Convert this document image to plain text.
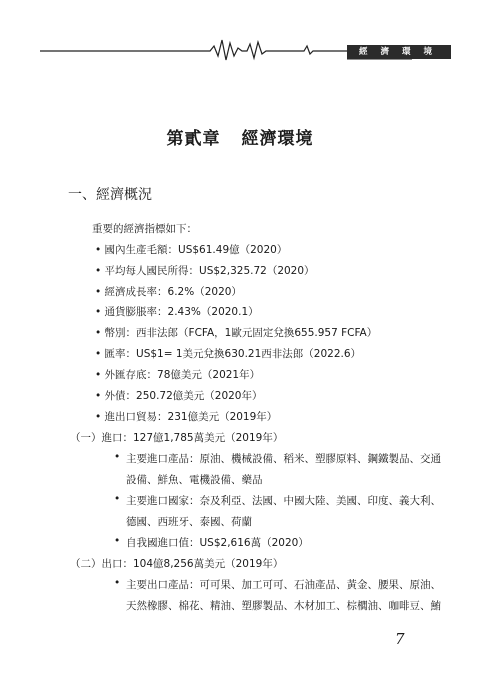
經濟環境
第貳章 經濟環境
一、經濟概況
重要的經濟指標如下：
• 國內生產毛額：US$61.49億（2020）
• 平均每人國民所得：US$2,325.72（2020）
• 經濟成長率：6.2%（2020）
• 通貨膨脹率：2.43%（2020.1）
• 幣別：西非法郎（FCFA，1歐元固定兌換655.957 FCFA）
• 匯率：US$1= 1美元兌換630.21西非法郎（2022.6）
• 外匯存底：78億美元（2021年）
• 外債：250.72億美元（2020年）
• 進出口貿易：231億美元（2019年）
（一）進口：127億1,785萬美元（2019年）
• 主要進口產品：原油、機械設備、稻米、塑膠原料、鋼鐵製品、交通
設備、鮮魚、電機設備、藥品
• 主要進口國家：奈及利亞、法國、中國大陸、美國、印度、義大利、
德國、西班牙、泰國、荷蘭
• 自我國進口值：US$2,616萬（2020）
（二）出口：104億8,256萬美元（2019年）
• 主要出口產品：可可果、加工可可、石油產品、黃金、腰果、原油、
天然橡膠、棉花、精油、塑膠製品、木材加工、棕櫚油、咖啡豆、鮪
7
